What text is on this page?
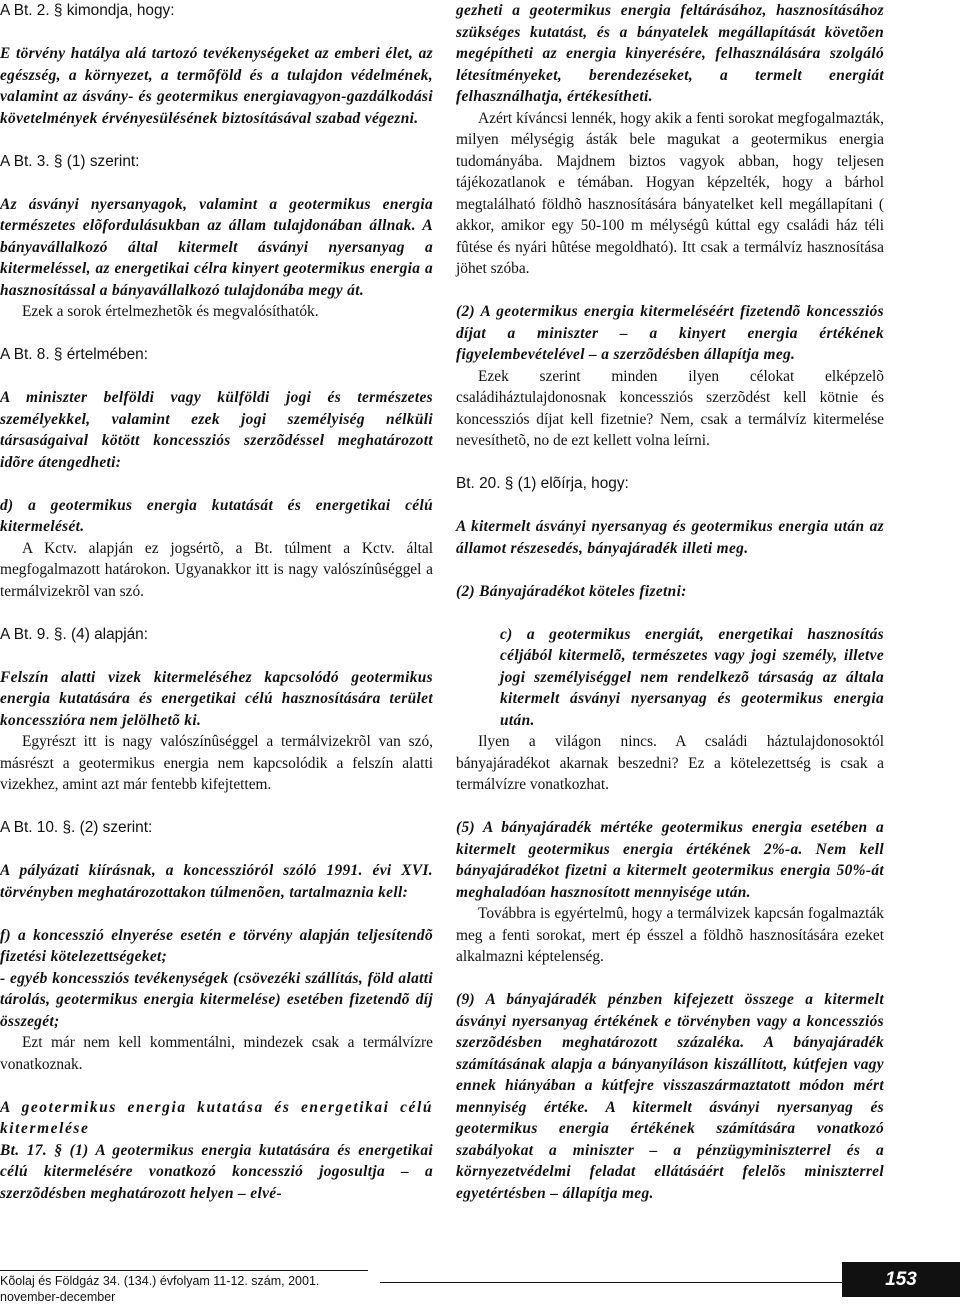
A Bt. 2. § kimondja, hogy:

E törvény hatálya alá tartozó tevékenységeket az emberi élet, az egészség, a környezet, a termõföld és a tulajdon védelmének, valamint az ásvány- és geotermikus energiavagyon-gazdálkodási követelmények érvényesülésének biztosításával szabad végezni.

A Bt. 3. § (1) szerint:

Az ásványi nyersanyagok, valamint a geotermikus energia természetes elõfordulásukban az állam tulajdonában állnak. A bányavállalkozó által kitermelt ásványi nyersanyag a kitermeléssel, az energetikai célra kinyert geotermikus energia a hasznosítással a bányavállalkozó tulajdonába megy át.

Ezek a sorok értelmezhetõk és megvalósíthatók.

A Bt. 8. § értelmében:

A miniszter belföldi vagy külföldi jogi és természetes személyekkel, valamint ezek jogi személyiség nélküli társaságaival kötött koncessziós szerzõdéssel meghatározott idõre átengedheti:

d) a geotermikus energia kutatását és energetikai célú kitermelését.

A Kctv. alapján ez jogsértõ, a Bt. túlment a Kctv. által megfogalmazott határokon. Ugyanakkor itt is nagy valószínûséggel a termálvizekrõl van szó.

A Bt. 9. §. (4) alapján:

Felszín alatti vizek kitermeléséhez kapcsolódó geotermikus energia kutatására és energetikai célú hasznosítására terület koncesszióra nem jelölhetõ ki.

Egyrészt itt is nagy valószínûséggel a termálvizekrõl van szó, másrészt a geotermikus energia nem kapcsolódik a felszín alatti vizekhez, amint azt már fentebb kifejtettem.

A Bt. 10. §. (2) szerint:

A pályázati kiírásnak, a koncesszióról szóló 1991. évi XVI. törvényben meghatározottakon túlmenõen, tartalmaznia kell:

f) a koncesszió elnyerése esetén e törvény alapján teljesítendõ fizetési kötelezettségeket;

- egyéb koncessziós tevékenységek (csövezéki szállítás, föld alatti tárolás, geotermikus energia kitermelése) esetében fizetendõ díj összegét;

Ezt már nem kell kommentálni, mindezek csak a termálvízre vonatkoznak.

A geotermikus energia kutatása és energetikai célú kitermelése

Bt. 17. § (1) A geotermikus energia kutatására és energetikai célú kitermelésére vonatkozó koncesszió jogosultja – a szerzõdésben meghatározott helyen – elvé-

gezheti a geotermikus energia feltárásához, hasznosításához szükséges kutatást, és a bányatelek megállapítását követõen megépítheti az energia kinyerésére, felhasználására szolgáló létesítményeket, berendezéseket, a termelt energiát felhasználhatja, értékesítheti.

Azért kíváncsi lennék, hogy akik a fenti sorokat megfogalmazták, milyen mélységig ásták bele magukat a geotermikus energia tudományába. Majdnem biztos vagyok abban, hogy teljesen tájékozatlanok e témában. Hogyan képzelték, hogy a bárhol megtalálható földhõ hasznosítására bányatelket kell megállapítani ( akkor, amikor egy 50-100 m mélységû kúttal egy családi ház téli fûtése és nyári hûtése megoldható). Itt csak a termálvíz hasznosítása jöhet szóba.

(2) A geotermikus energia kitermeléséért fizetendõ koncessziós díjat a miniszter – a kinyert energia értékének figyelembevételével – a szerzõdésben állapítja meg.

Ezek szerint minden ilyen célokat elképzelõ családiháztulajdonosnak koncessziós szerzõdést kell kötnie és koncessziós díjat kell fizetnie? Nem, csak a termálvíz kitermelése nevesíthetõ, no de ezt kellett volna leírni.

Bt. 20. § (1) elõírja, hogy:

A kitermelt ásványi nyersanyag és geotermikus energia után az államot részesedés, bányajáradék illeti meg.

(2) Bányajáradékot köteles fizetni:

c) a geotermikus energiát, energetikai hasznosítás céljából kitermelõ, természetes vagy jogi személy, illetve jogi személyiséggel nem rendelkezõ társaság az általa kitermelt ásványi nyersanyag és geotermikus energia után.

Ilyen a világon nincs. A családi háztulajdonosoktól bányajáradékot akarnak beszedni? Ez a kötelezettség is csak a termálvízre vonatkozhat.

(5) A bányajáradék mértéke geotermikus energia esetében a kitermelt geotermikus energia értékének 2%-a. Nem kell bányajáradékot fizetni a kitermelt geotermikus energia 50%-át meghaladóan hasznosított mennyisége után.

Továbbra is egyértelmû, hogy a termálvizek kapcsán fogalmazták meg a fenti sorokat, mert ép ésszel a földhõ hasznosítására ezeket alkalmazni képtelenség.

(9) A bányajáradék pénzben kifejezett összege a kitermelt ásványi nyersanyag értékének e törvényben vagy a koncessziós szerzõdésben meghatározott százaléka. A bányajáradék számításának alapja a bányanyíláson kiszállított, kútfejen vagy ennek hiányában a kútfejre visszaszármaztatott módon mért mennyiség értéke. A kitermelt ásványi nyersanyag és geotermikus energia értékének számítására vonatkozó szabályokat a miniszter – a pénzügyminiszterrel és a környezetvédelmi feladat ellátásáért felelõs miniszterrel egyetértésben – állapítja meg.

Kõolaj és Földgáz 34. (134.) évfolyam 11-12. szám, 2001. november-december
153
